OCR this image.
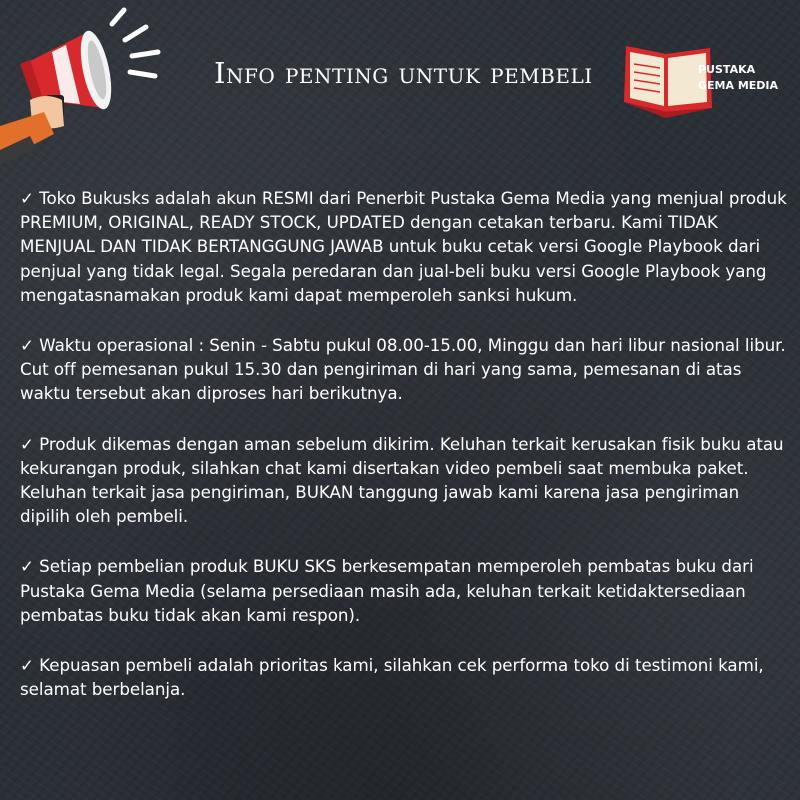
Info penting untuk pembeli	PUSTAKA
GEMA MEDIA

✓ Toko Bukusks adalah akun RESMI dari Penerbit Pustaka Gema Media yang menjual produk PREMIUM, ORIGINAL, READY STOCK, UPDATED dengan cetakan terbaru. Kami TIDAK MENJUAL DAN TIDAK BERTANGGUNG JAWAB untuk buku cetak versi Google Playbook dari penjual yang tidak legal. Segala peredaran dan jual-beli buku versi Google Playbook yang mengatasnamakan produk kami dapat memperoleh sanksi hukum.

✓ Waktu operasional : Senin - Sabtu pukul 08.00-15.00, Minggu dan hari libur nasional libur. Cut off pemesanan pukul 15.30 dan pengiriman di hari yang sama, pemesanan di atas waktu tersebut akan diproses hari berikutnya.

✓ Produk dikemas dengan aman sebelum dikirim. Keluhan terkait kerusakan fisik buku atau kekurangan produk, silahkan chat kami disertakan video pembeli saat membuka paket. Keluhan terkait jasa pengiriman, BUKAN tanggung jawab kami karena jasa pengiriman dipilih oleh pembeli.

✓ Setiap pembelian produk BUKU SKS berkesempatan memperoleh pembatas buku dari Pustaka Gema Media (selama persediaan masih ada, keluhan terkait ketidaktersediaan pembatas buku tidak akan kami respon).

✓ Kepuasan pembeli adalah prioritas kami, silahkan cek performa toko di testimoni kami, selamat berbelanja.
